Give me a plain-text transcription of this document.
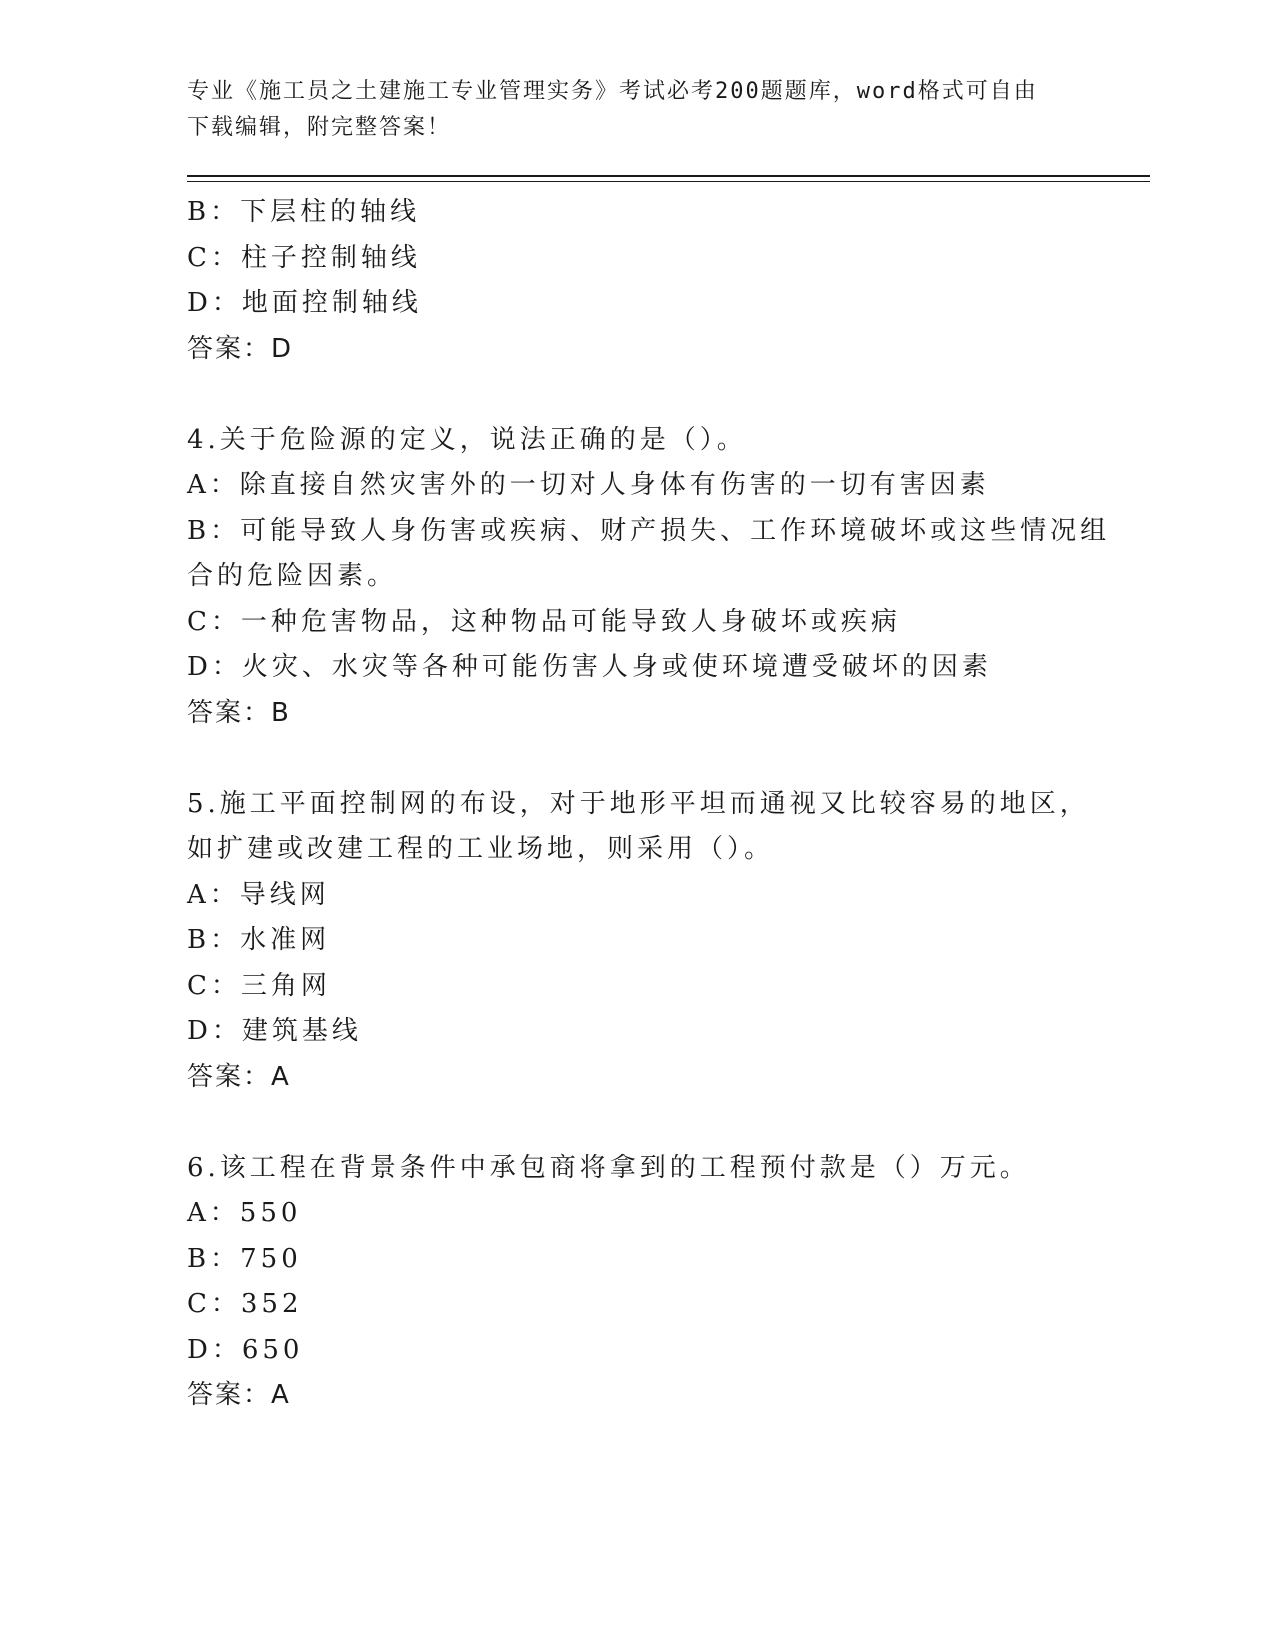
专业《施工员之土建施工专业管理实务》考试必考200题题库，word格式可自由
下载编辑，附完整答案！
B：下层柱的轴线
C：柱子控制轴线
D：地面控制轴线
答案：D
4.关于危险源的定义，说法正确的是（）。
A：除直接自然灾害外的一切对人身体有伤害的一切有害因素
B：可能导致人身伤害或疾病、财产损失、工作环境破坏或这些情况组
合的危险因素。
C：一种危害物品，这种物品可能导致人身破坏或疾病
D：火灾、水灾等各种可能伤害人身或使环境遭受破坏的因素
答案：B
5.施工平面控制网的布设，对于地形平坦而通视又比较容易的地区，
如扩建或改建工程的工业场地，则采用（）。
A：导线网
B：水准网
C：三角网
D：建筑基线
答案：A
6.该工程在背景条件中承包商将拿到的工程预付款是（）万元。
A：550
B：750
C：352
D：650
答案：A
